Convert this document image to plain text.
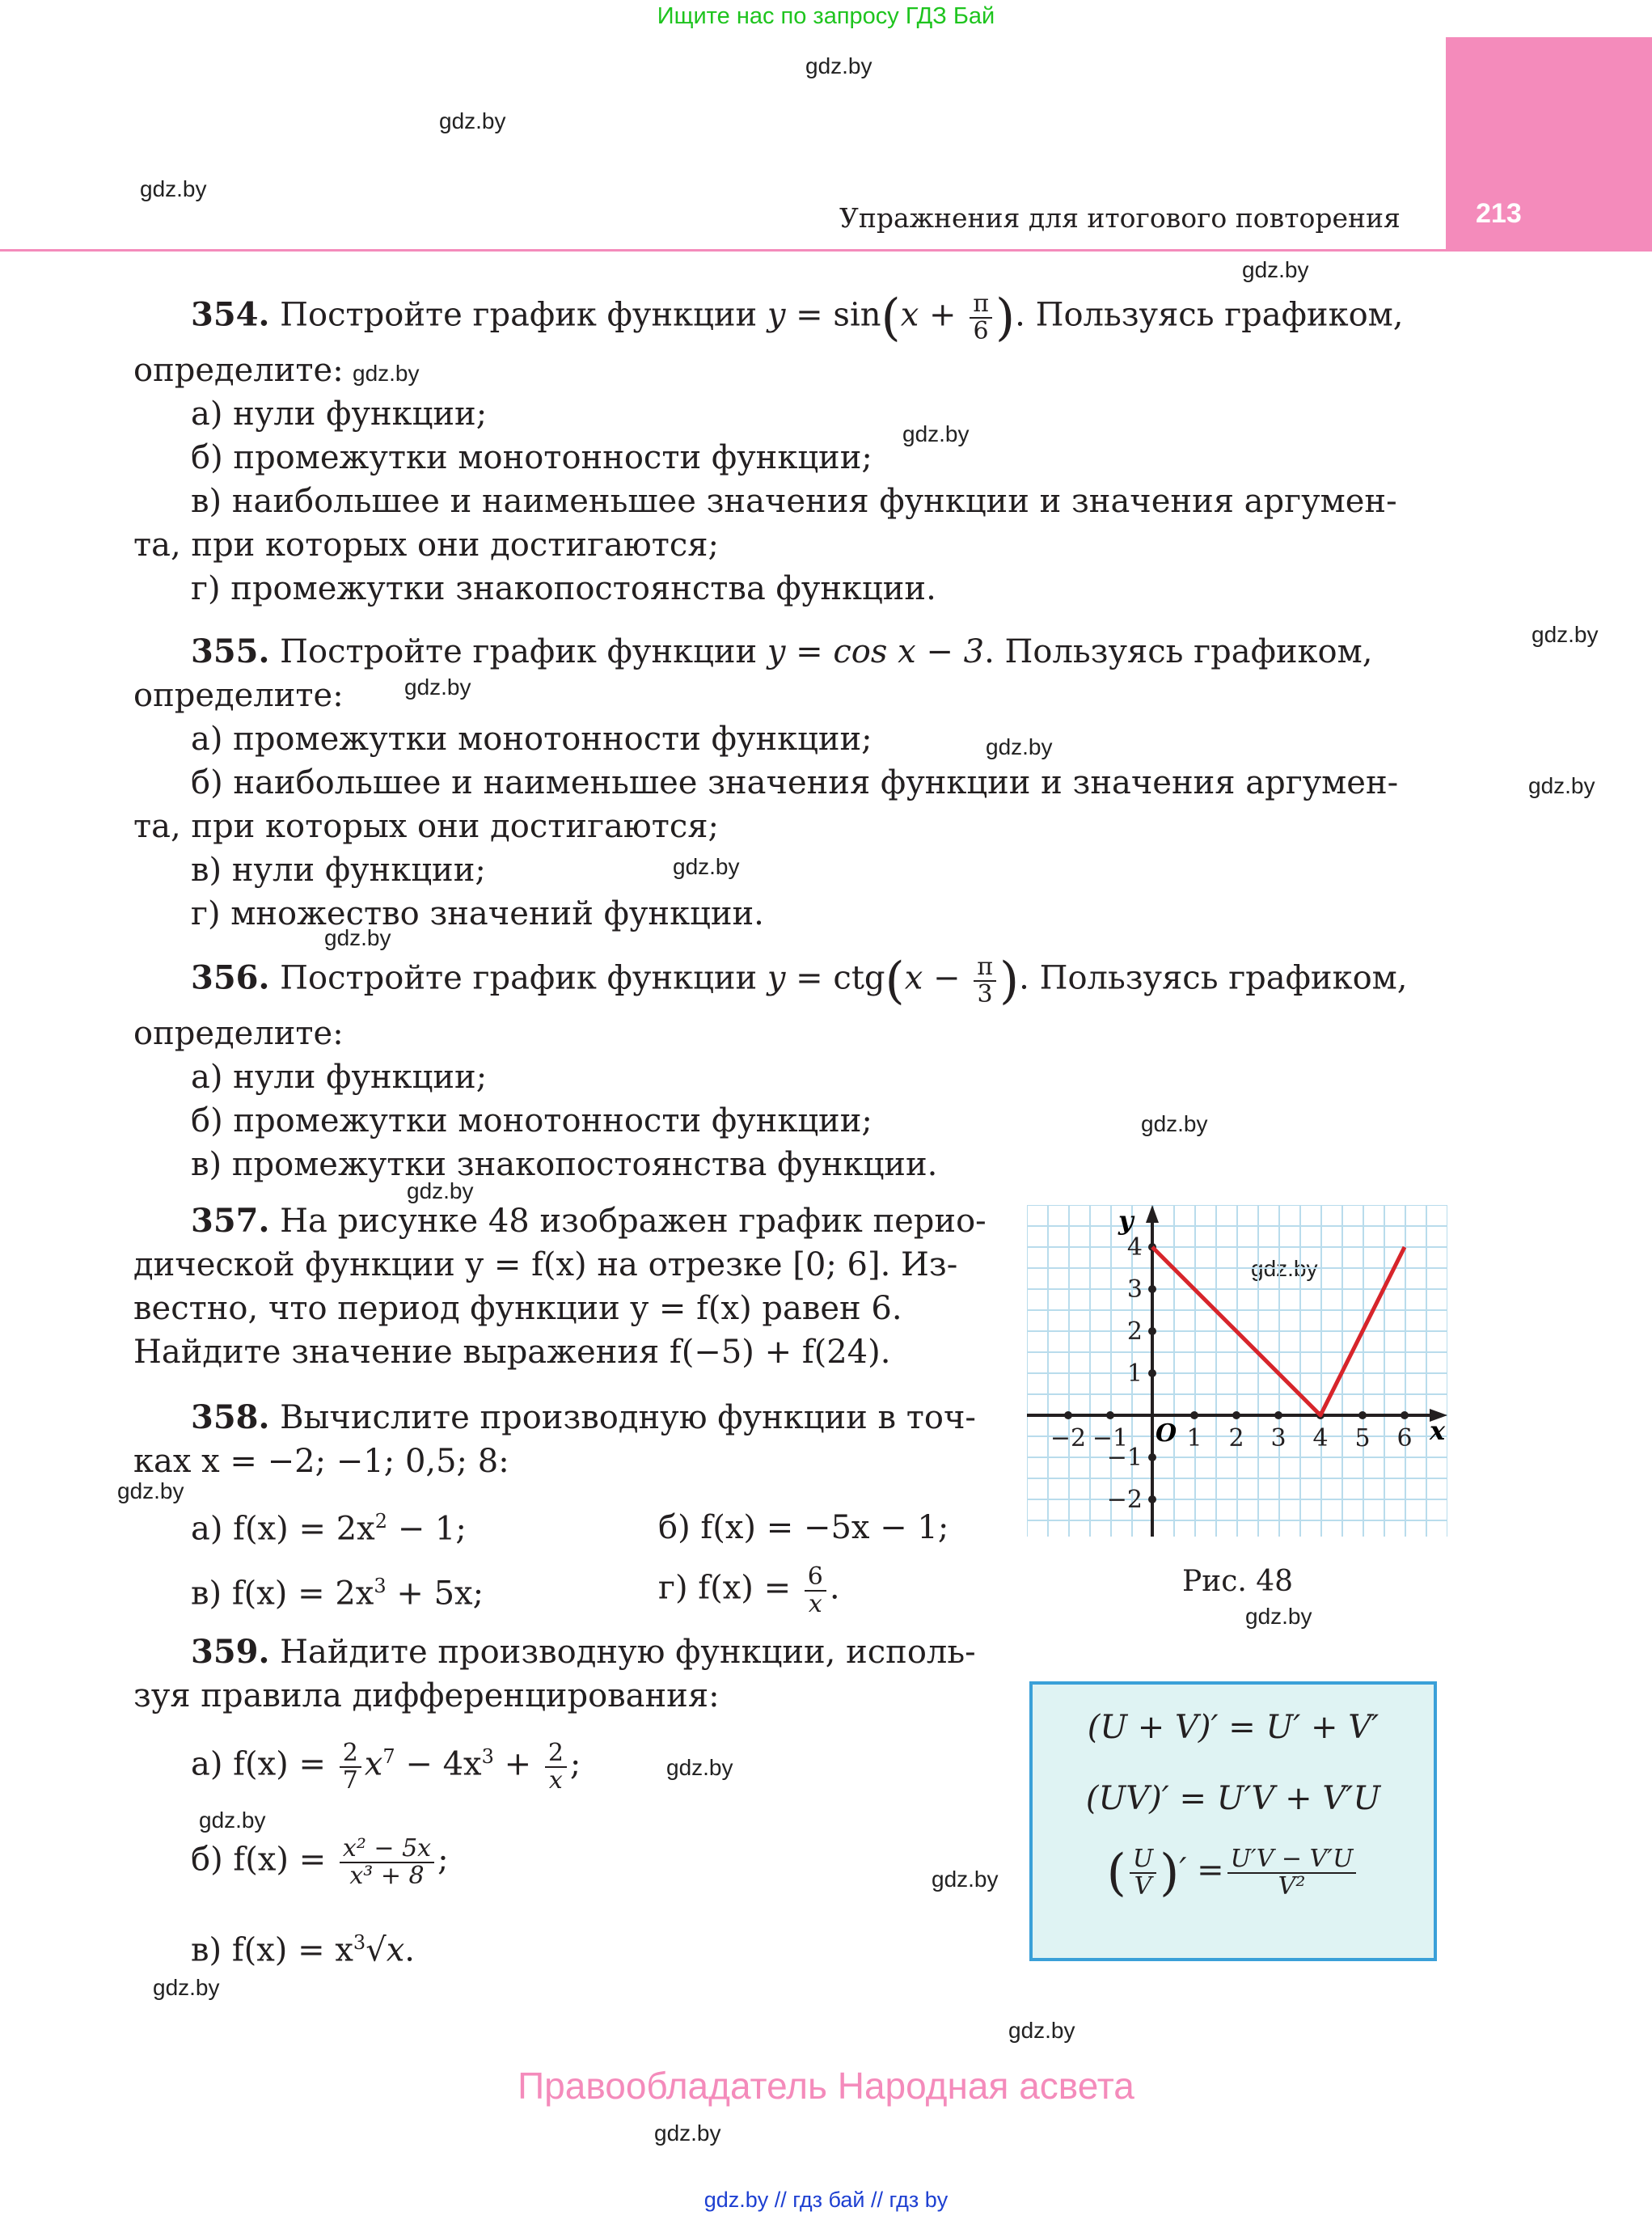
Ищите нас по запросу ГДЗ Бай
213
Упражнения для итогового повторения
gdz.by
gdz.by
gdz.by
gdz.by
gdz.by
gdz.by
gdz.by
gdz.by
gdz.by
gdz.by
gdz.by
gdz.by
gdz.by
gdz.by
gdz.by
gdz.by
gdz.by
gdz.by
gdz.by
gdz.by
gdz.by
gdz.by
gdz.by
354. Постройте график функции $y = \sin(x + \frac{\pi}{6}$ ). Пользуясь графиком,
определите:
а) нули функции;
б) промежутки монотонности функции;
в) наибольшее и наименьшее значения функции и значения аргумен-
та, при которых они достигаются;
г) промежутки знакопостоянства функции.
355. Постройте график функции y = cos x − 3. Пользуясь графиком,
определите:
а) промежутки монотонности функции;
б) наибольшее и наименьшее значения функции и значения аргумен-
та, при которых они достигаются;
в) нули функции;
г) множество значений функции.
356. Постройте график функции $y = ctg(x - \frac{\pi}{3}$ ). Пользуясь графиком,
определите:
а) нули функции;
б) промежутки монотонности функции;
в) промежутки знакопостоянства функции.
357. На рисунке 48 изображен график перио-
дической функции y = f(x) на отрезке [0; 6]. Из-
вестно, что период функции y = f(x) равен 6.
Найдите значение выражения f(−5) + f(24).
358. Вычислите производную функции в точ-
ках x = −2; −1; 0,5; 8:
а) $f(x) = 2x^2 - 1$;	б) f(x) = −5x − 1;
в) $f(x) = 2x^3 + 5x$;	г) $f(x) = \frac{6}{x}$ .
359. Найдите производную функции, исполь-
зуя правила дифференцирования:
а) $f(x) = \frac{2}{7} x^7 - 4x^3 + \frac{2}{x}$ ;
б) $f(x) = \frac{\text{x² − 5x}}{\text{x³ + 8}}$ ;
в) $f(x) = x^3√x$.
−2 −1 1 2 3 4 5 6
4
3
2
1
−1
−2
y
x
O
Рис. 48
(U + V)′ = U′ + V′
(UV)′ = U′V + V′U
( $\frac{U}{V}$ )′ = $\frac{U'V - V'U}{\text{V²}}$
Правообладатель Народная асвета
gdz.by // гдз бай // гдз by
